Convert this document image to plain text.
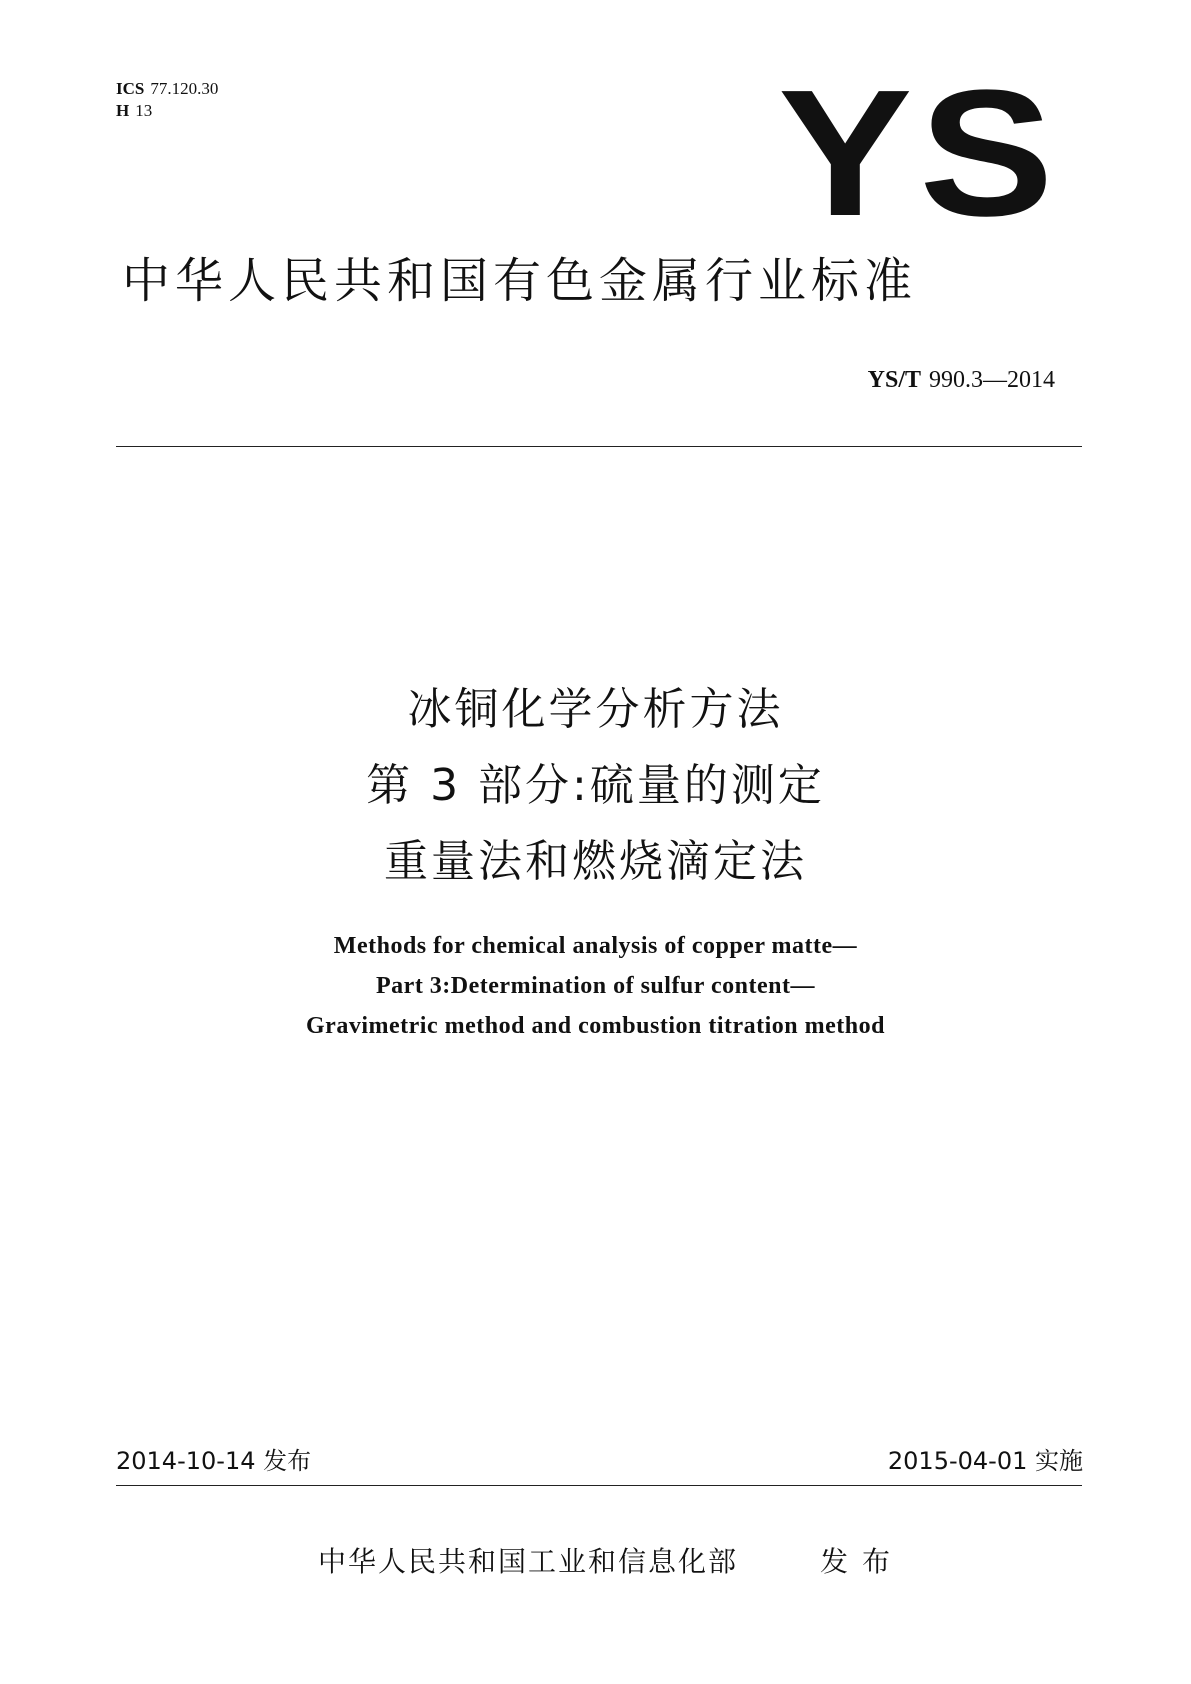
ICS 77.120.30
H 13	YS
中华人民共和国有色金属行业标准
YS/T 990.3—2014
冰铜化学分析方法
第 3 部分:硫量的测定
重量法和燃烧滴定法
Methods for chemical analysis of copper matte—
Part 3:Determination of sulfur content—
Gravimetric method and combustion titration method
2014-10-14 发布	2015-04-01 实施
中华人民共和国工业和信息化部	发布
